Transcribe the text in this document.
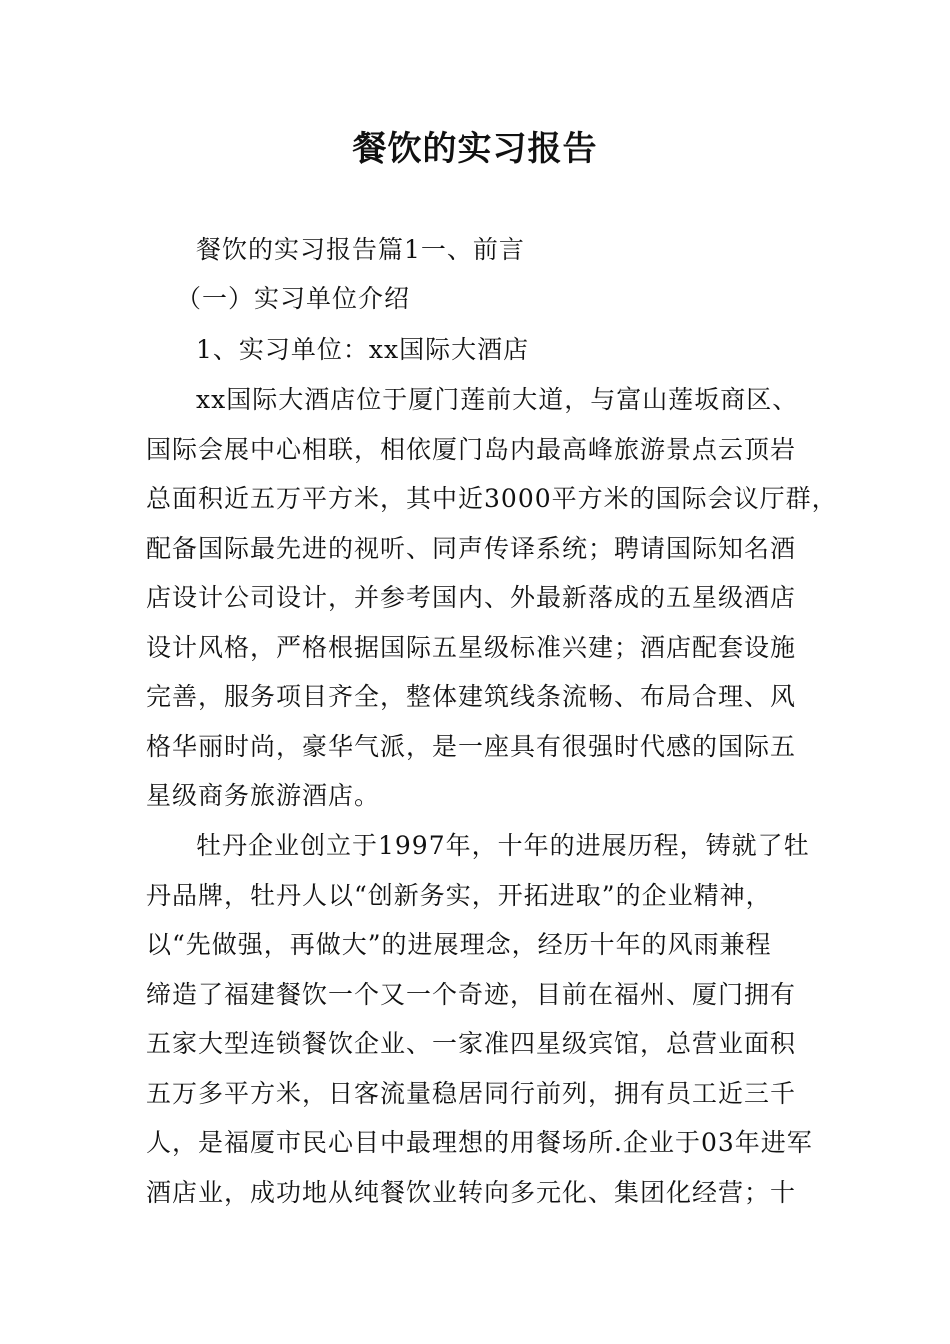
餐饮的实习报告
餐饮的实习报告篇1一、前言
（一）实习单位介绍
1、实习单位：xx国际大酒店
xx国际大酒店位于厦门莲前大道，与富山莲坂商区、
国际会展中心相联，相依厦门岛内最高峰旅游景点云顶岩
总面积近五万平方米，其中近3000平方米的国际会议厅群，
配备国际最先进的视听、同声传译系统；聘请国际知名酒
店设计公司设计，并参考国内、外最新落成的五星级酒店
设计风格，严格根据国际五星级标准兴建；酒店配套设施
完善，服务项目齐全，整体建筑线条流畅、布局合理、风
格华丽时尚，豪华气派，是一座具有很强时代感的国际五
星级商务旅游酒店。
牡丹企业创立于1997年，十年的进展历程，铸就了牡
丹品牌，牡丹人以“创新务实，开拓进取”的企业精神，
以“先做强，再做大”的进展理念，经历十年的风雨兼程
缔造了福建餐饮一个又一个奇迹，目前在福州、厦门拥有
五家大型连锁餐饮企业、一家准四星级宾馆，总营业面积
五万多平方米，日客流量稳居同行前列，拥有员工近三千
人，是福厦市民心目中最理想的用餐场所.企业于03年进军
酒店业，成功地从纯餐饮业转向多元化、集团化经营；十
